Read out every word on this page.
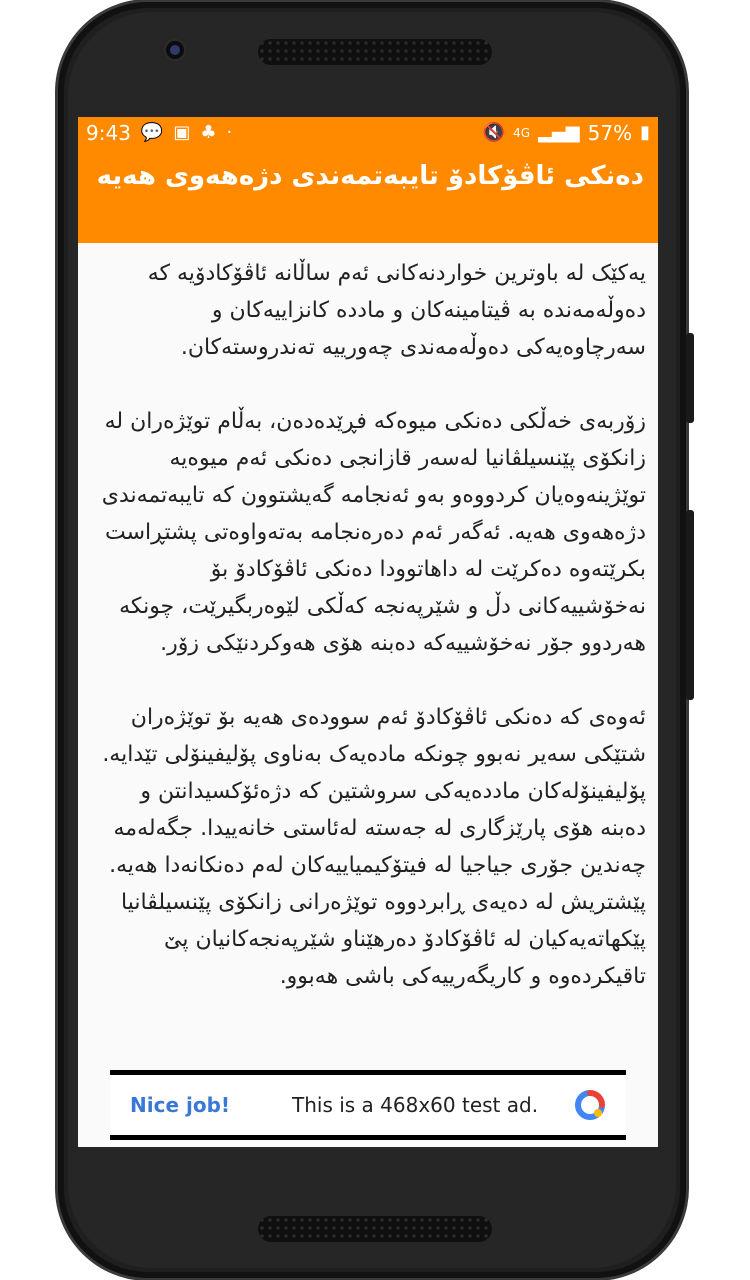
9:43 💬 ▣ ♣ ·	🔇 4G ▂▄▆ 57% ▮
دەنکی ئاڤۆکادۆ تایبەتمەندی دژەهەوی هەیە

یەکێک لە باوترین خواردنەکانی ئەم ساڵانە ئاڤۆکادۆیە کە دەوڵەمەندە بە ڤیتامینەکان و مادده کانزاییەکان و سەرچاوەیەکی دەوڵەمەندی چەورییە تەندروستەکان.

زۆربەی خەڵکی دەنکی میوەکە فڕێدەدەن، بەڵام توێژەران لە زانکۆی پێنسیلڤانیا لەسەر قازانجی دەنکی ئەم میوەیە توێژینەوەیان کردووەو بەو ئەنجامە گەیشتوون کە تایبەتمەندی دژەهەوی هەیە. ئەگەر ئەم دەرەنجامە بەتەواوەتی پشتڕاست بکرێتەوە دەکرێت لە داهاتوودا دەنکی ئاڤۆکادۆ بۆ نەخۆشییەکانی دڵ و شێرپەنجە کەڵکی لێوەربگیرێت، چونکە هەردوو جۆر نەخۆشییەکە دەبنە هۆی هەوکردنێکی زۆر.

ئەوەی کە دەنکی ئاڤۆکادۆ ئەم سوودەی هەیە بۆ توێژەران شتێکی سەیر نەبوو چونکە مادەیەک بەناوی پۆلیفینۆلی تێدایە. پۆلیفینۆلەکان ماددەیەکی سروشتین کە دژەئۆکسیدانتن و دەبنە هۆی پارێزگاری لە جەستە لەئاستی خانەییدا. جگەلەمە چەندین جۆری جیاجیا لە فیتۆکیمیاییەکان لەم دەنکانەدا هەیە. پێشتریش لە دەیەی ڕابردووە توێژەرانی زانکۆی پێنسیلڤانیا پێکهاتەیەکیان لە ئاڤۆکادۆ دەرهێناو شێرپەنجەکانیان پێ تاقیکردەوە و کاریگەرییەکی باشی هەبوو.

Nice job!	This is a 468x60 test ad.
